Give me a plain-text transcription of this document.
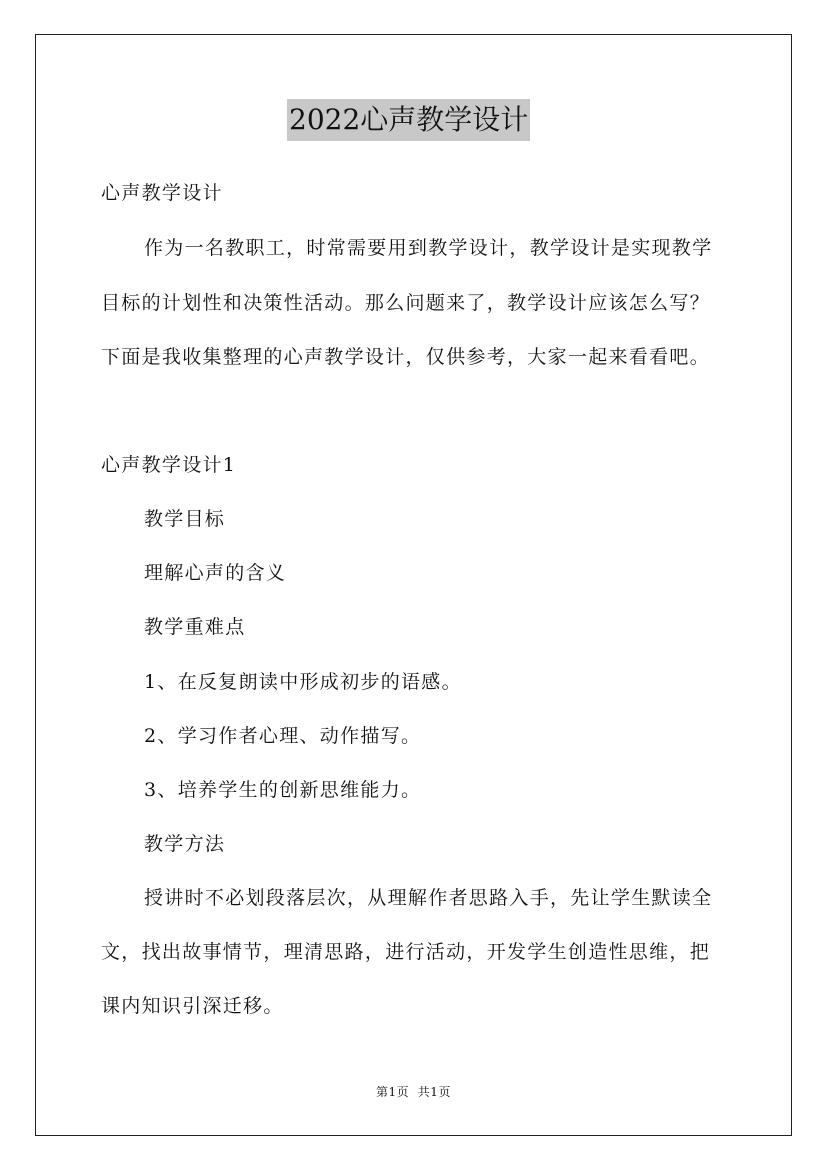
2022心声教学设计
心声教学设计
作为一名教职工，时常需要用到教学设计，教学设计是实现教学
目标的计划性和决策性活动。那么问题来了，教学设计应该怎么写？
下面是我收集整理的心声教学设计，仅供参考，大家一起来看看吧。
心声教学设计1
教学目标
理解心声的含义
教学重难点
1、在反复朗读中形成初步的语感。
2、学习作者心理、动作描写。
3、培养学生的创新思维能力。
教学方法
授讲时不必划段落层次，从理解作者思路入手，先让学生默读全
文，找出故事情节，理清思路，进行活动，开发学生创造性思维，把
课内知识引深迁移。
第1页  共1页
